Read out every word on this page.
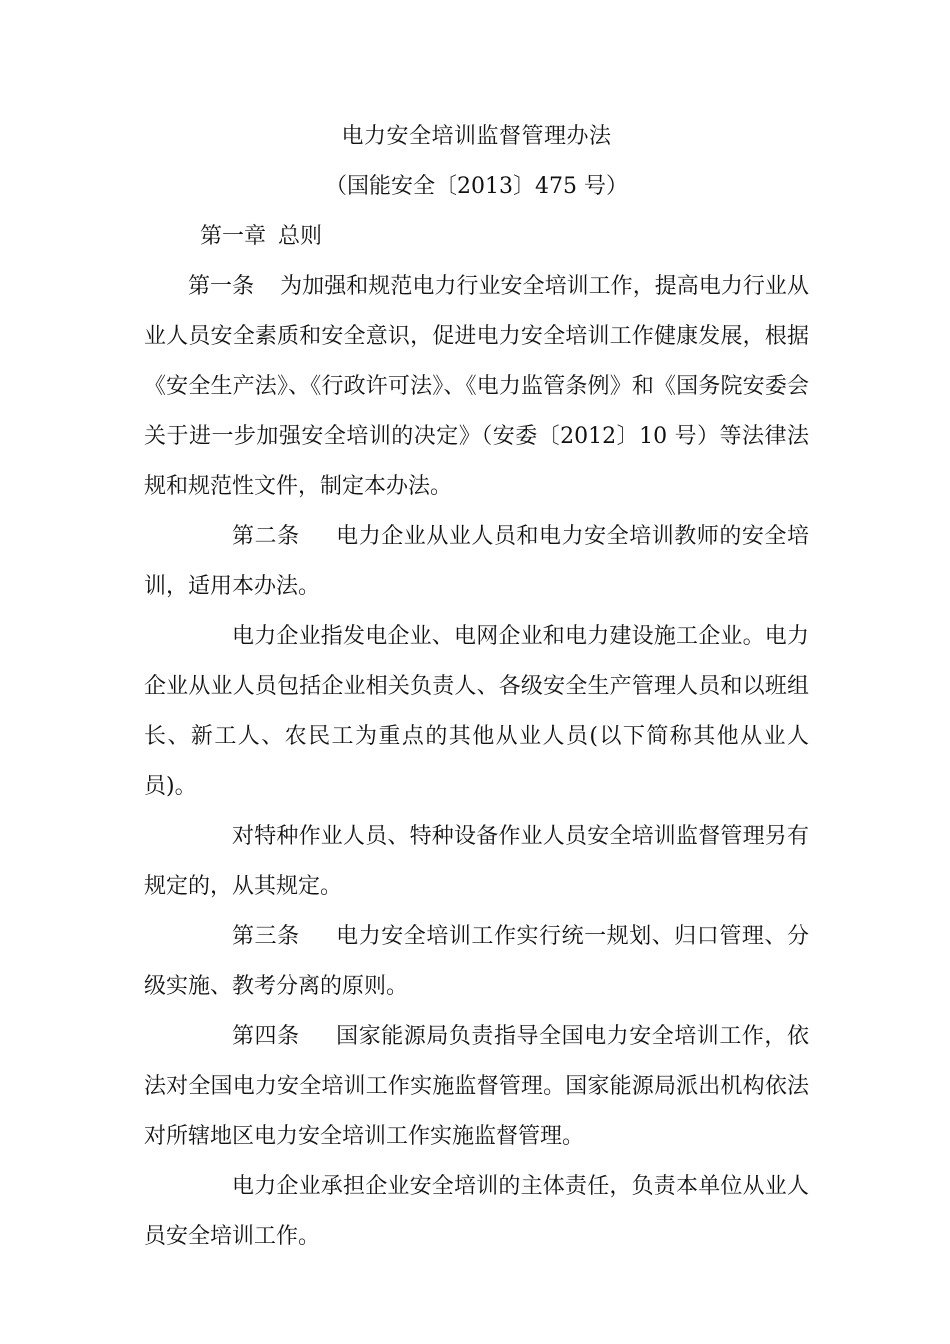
电力安全培训监督管理办法

（国能安全〔2013〕475 号）

第一章 总则

第一条 为加强和规范电力行业安全培训工作，提高电力行业从业人员安全素质和安全意识，促进电力安全培训工作健康发展，根据《安全生产法》、《行政许可法》、《电力监管条例》和《国务院安委会关于进一步加强安全培训的决定》（安委〔2012〕10 号）等法律法规和规范性文件，制定本办法。

第二条 电力企业从业人员和电力安全培训教师的安全培训，适用本办法。

电力企业指发电企业、电网企业和电力建设施工企业。电力企业从业人员包括企业相关负责人、各级安全生产管理人员和以班组长、新工人、农民工为重点的其他从业人员(以下简称其他从业人员)。

对特种作业人员、特种设备作业人员安全培训监督管理另有规定的，从其规定。

第三条 电力安全培训工作实行统一规划、归口管理、分级实施、教考分离的原则。

第四条 国家能源局负责指导全国电力安全培训工作，依法对全国电力安全培训工作实施监督管理。国家能源局派出机构依法对所辖地区电力安全培训工作实施监督管理。

电力企业承担企业安全培训的主体责任，负责本单位从业人员安全培训工作。
